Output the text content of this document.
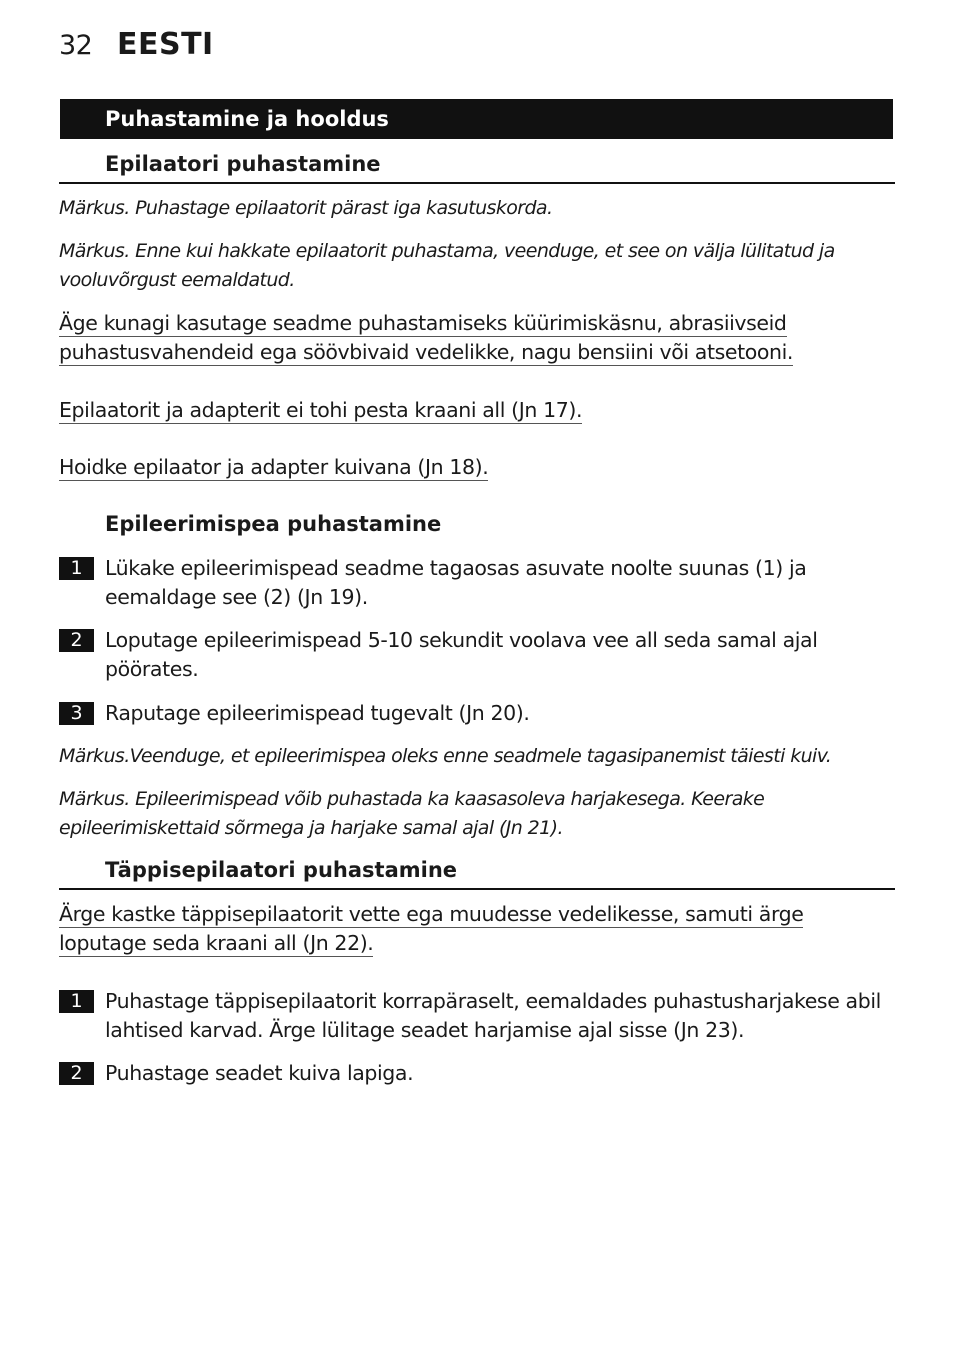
32 EESTI
Puhastamine ja hooldus
Epilaatori puhastamine
Märkus. Puhastage epilaatorit pärast iga kasutuskorda.
Märkus. Enne kui hakkate epilaatorit puhastama, veenduge, et see on välja lülitatud ja
vooluvõrgust eemaldatud.
Äge kunagi kasutage seadme puhastamiseks küürimiskäsnu, abrasiivseid
puhastusvahendeid ega söövbivaid vedelikke, nagu bensiini või atsetooni.
Epilaatorit ja adapterit ei tohi pesta kraani all (Jn 17).
Hoidke epilaator ja adapter kuivana (Jn 18).
Epileerimispea puhastamine
1	Lükake epileerimispead seadme tagaosas asuvate noolte suunas (1) ja
eemaldage see (2) (Jn 19).
2	Loputage epileerimispead 5-10 sekundit voolava vee all seda samal ajal
pöörates.
3	Raputage epileerimispead tugevalt (Jn 20).
Märkus.Veenduge, et epileerimispea oleks enne seadmele tagasipanemist täiesti kuiv.
Märkus. Epileerimispead võib puhastada ka kaasasoleva harjakesega. Keerake
epileerimiskettaid sõrmega ja harjake samal ajal (Jn 21).
Täppisepilaatori puhastamine
Ärge kastke täppisepilaatorit vette ega muudesse vedelikesse, samuti ärge
loputage seda kraani all (Jn 22).
1	Puhastage täppisepilaatorit korrapäraselt, eemaldades puhastusharjakese abil
lahtised karvad. Ärge lülitage seadet harjamise ajal sisse (Jn 23).
2	Puhastage seadet kuiva lapiga.
